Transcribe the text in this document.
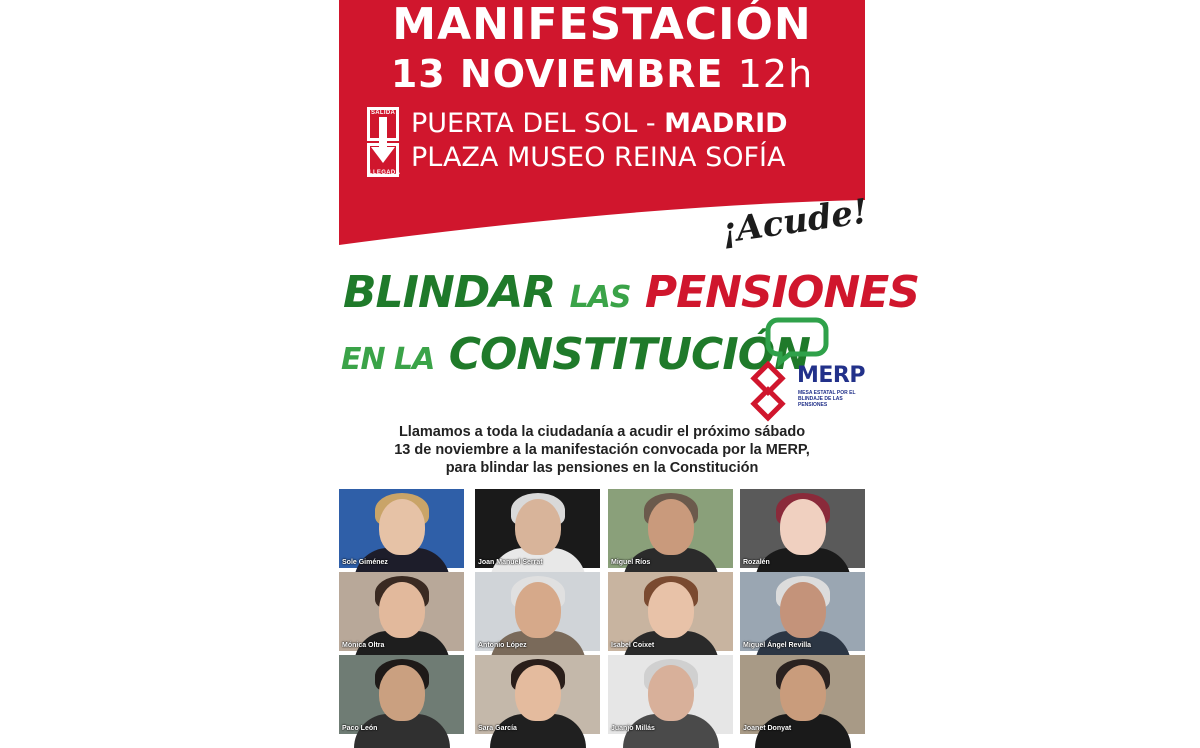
MANIFESTACIÓN
13 NOVIEMBRE 12h
SALIDA
LLEGADA
PUERTA DEL SOL - MADRID
PLAZA MUSEO REINA SOFÍA
¡Acude!
BLINDAR LAS PENSIONES
EN LA CONSTITUCIÓN
MERP
MESA ESTATAL POR EL BLINDAJE DE LAS PENSIONES
Llamamos a toda la ciudadanía a acudir el próximo sábado
13 de noviembre a la manifestación convocada por la MERP,
para blindar las pensiones en la Constitución
Sole Giménez	Joan Manuel Serrat	Miguel Ríos	Rozalén
Mónica Oltra	Antonio López	Isabel Coixet	Miguel Ángel Revilla
Paco León	Sara García	Juanjo Millás	Joanet Donyat
